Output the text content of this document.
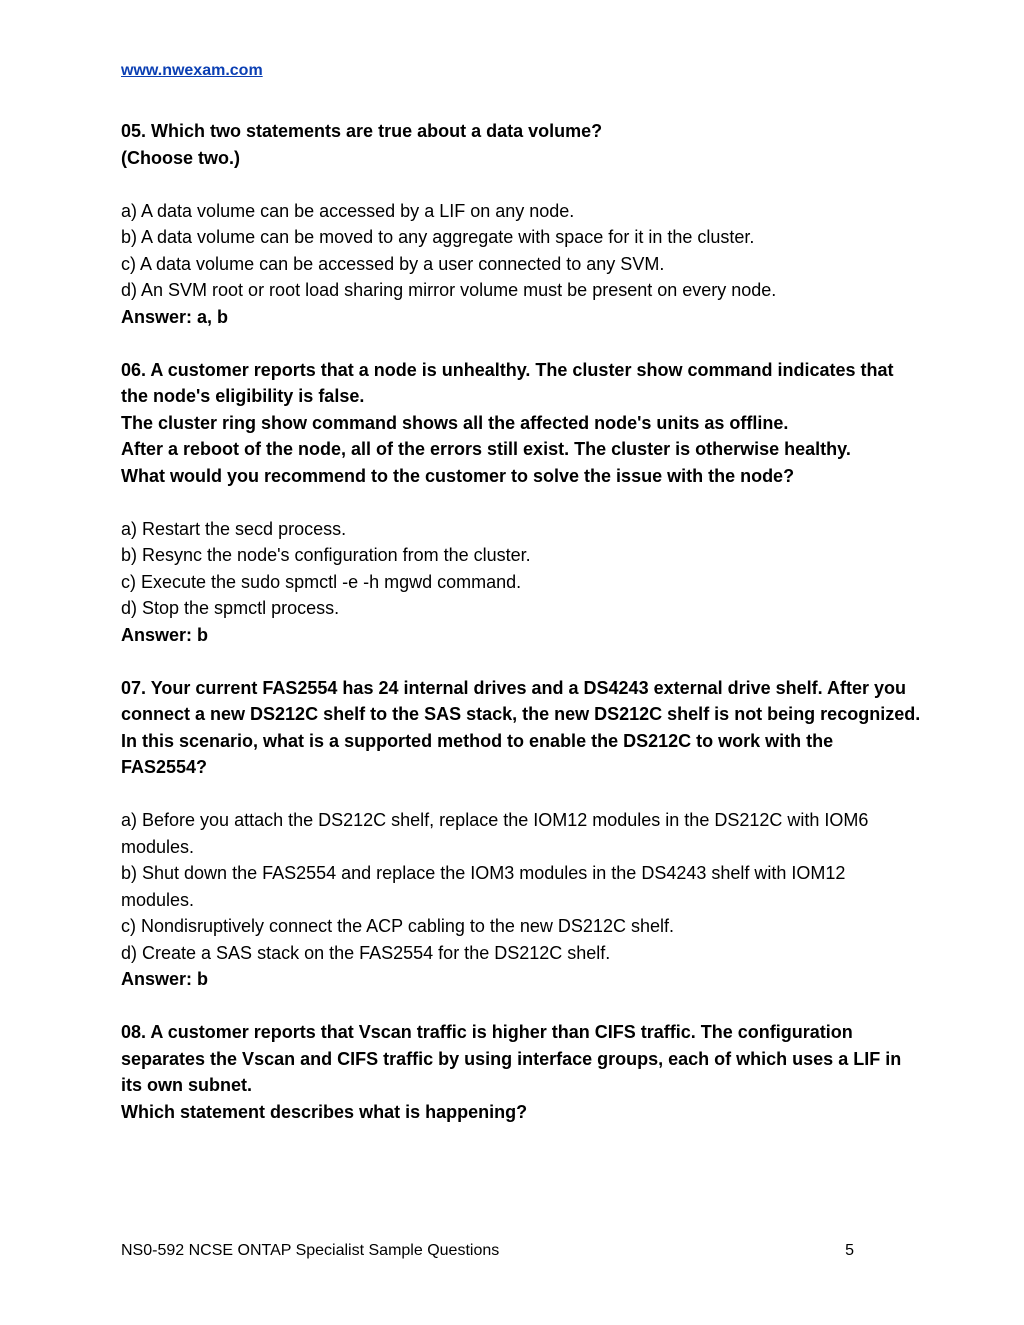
www.nwexam.com

05. Which two statements are true about a data volume?
(Choose two.)

a) A data volume can be accessed by a LIF on any node.
b) A data volume can be moved to any aggregate with space for it in the cluster.
c) A data volume can be accessed by a user connected to any SVM.
d) An SVM root or root load sharing mirror volume must be present on every node.

Answer: a, b

06. A customer reports that a node is unhealthy. The cluster show command indicates that the node's eligibility is false.
The cluster ring show command shows all the affected node's units as offline.
After a reboot of the node, all of the errors still exist. The cluster is otherwise healthy.
What would you recommend to the customer to solve the issue with the node?

a) Restart the secd process.
b) Resync the node's configuration from the cluster.
c) Execute the sudo spmctl -e -h mgwd command.
d) Stop the spmctl process.

Answer: b

07. Your current FAS2554 has 24 internal drives and a DS4243 external drive shelf. After you connect a new DS212C shelf to the SAS stack, the new DS212C shelf is not being recognized.
In this scenario, what is a supported method to enable the DS212C to work with the FAS2554?

a) Before you attach the DS212C shelf, replace the IOM12 modules in the DS212C with IOM6 modules.
b) Shut down the FAS2554 and replace the IOM3 modules in the DS4243 shelf with IOM12 modules.
c) Nondisruptively connect the ACP cabling to the new DS212C shelf.
d) Create a SAS stack on the FAS2554 for the DS212C shelf.

Answer: b

08. A customer reports that Vscan traffic is higher than CIFS traffic. The configuration separates the Vscan and CIFS traffic by using interface groups, each of which uses a LIF in its own subnet.
Which statement describes what is happening?

NS0-592 NCSE ONTAP Specialist Sample Questions	5
